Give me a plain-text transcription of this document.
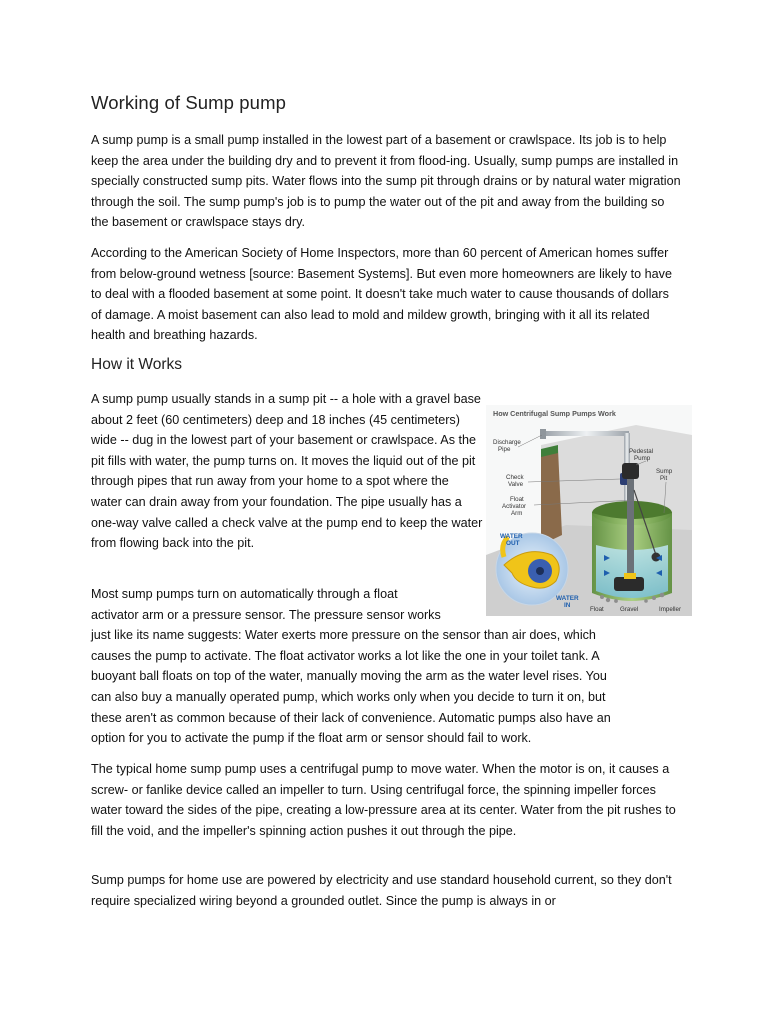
Working of Sump pump

A sump pump is a small pump installed in the lowest part of a basement or crawlspace. Its job is to help keep the area under the building dry and to prevent it from flood-ing. Usually, sump pumps are installed in specially constructed sump pits. Water flows into the sump pit through drains or by natural water migration through the soil. The sump pump's job is to pump the water out of the pit and away from the building so the basement or crawlspace stays dry.

According to the American Society of Home Inspectors, more than 60 percent of American homes suffer from below-ground wetness [source: Basement Systems]. But even more homeowners are likely to have to deal with a flooded basement at some point. It doesn't take much water to cause thousands of dollars of damage. A moist basement can also lead to mold and mildew growth, bringing with it all its related health and breathing hazards.

How it Works

A sump pump usually stands in a sump pit -- a hole with a gravel base about 2 feet (60 centimeters) deep and 18 inches (45 centimeters) wide -- dug in the lowest part of your basement or crawlspace. As the pit fills with water, the pump turns on. It moves the liquid out of the pit through pipes that run away from your home to a spot where the water can drain away from your foundation. The pipe usually has a one-way valve called a check valve at the pump end to keep the water from flowing back into the pit.

Most sump pumps turn on automatically through a float
activator arm or a pressure sensor. The pressure sensor works
just like its name suggests: Water exerts more pressure on the sensor than air does, which
causes the pump to activate. The float activator works a lot like the one in your toilet tank. A
buoyant ball floats on top of the water, manually moving the arm as the water level rises. You
can also buy a manually operated pump, which works only when you decide to turn it on, but
these aren't as common because of their lack of convenience. Automatic pumps also have an
option for you to activate the pump if the float arm or sensor should fail to work.

The typical home sump pump uses a centrifugal pump to move water. When the motor is on, it causes a screw- or fanlike device called an impeller to turn. Using centrifugal force, the spinning impeller forces water toward the sides of the pipe, creating a low-pressure area at its center. Water from the pit rushes to fill the void, and the impeller's spinning action pushes it out through the pipe.

Sump pumps for home use are powered by electricity and use standard household current, so they don't require specialized wiring beyond a grounded outlet. Since the pump is always in or

How Centrifugal Sump Pumps Work
Discharge
Pipe	Pedestal
Pump
Sump
Pit
Check
Valve
Float
Activator
Arm
Float	Gravel	Impeller
WATER
OUT
WATER
IN
